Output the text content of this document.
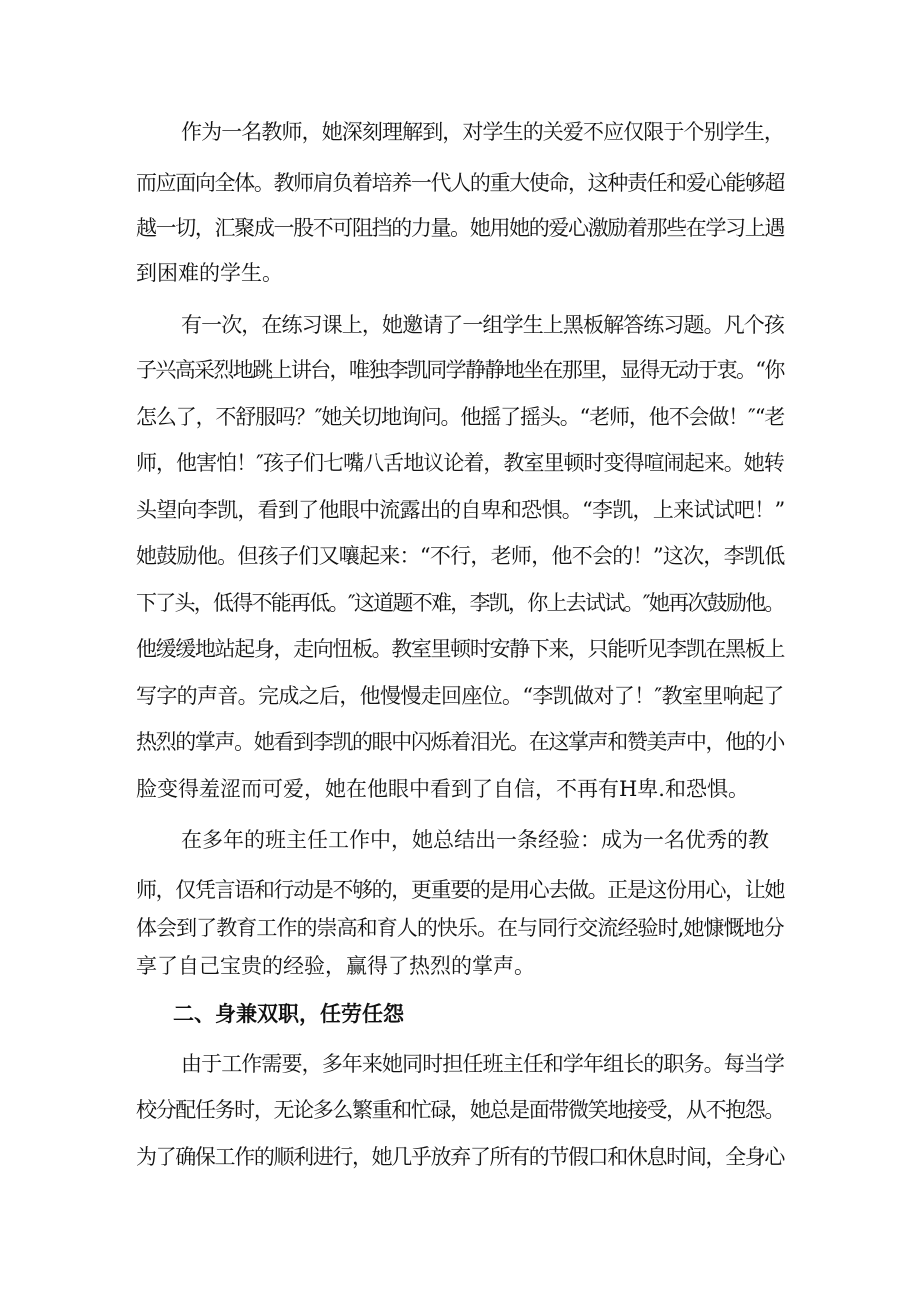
作为一名教师，她深刻理解到，对学生的关爱不应仅限于个别学生，

而应面向全体。教师肩负着培养一代人的重大使命，这种责任和爱心能够超

越一切，汇聚成一股不可阻挡的力量。她用她的爱心激励着那些在学习上遇

到困难的学生。

有一次，在练习课上，她邀请了一组学生上黑板解答练习题。凡个孩

子兴高采烈地跳上讲台，唯独李凯同学静静地坐在那里，显得无动于衷。“你

怎么了，不舒服吗？″她关切地询问。他摇了摇头。“老师，他不会做！″“老

师，他害怕！″孩子们七嘴八舌地议论着，教室里顿时变得喧闹起来。她转

头望向李凯，看到了他眼中流露出的自卑和恐惧。“李凯，上来试试吧！”

她鼓励他。但孩子们又嚷起来：“不行，老师，他不会的！”这次，李凯低

下了头，低得不能再低。″这道题不难，李凯，你上去试试。″她再次鼓励他。

他缓缓地站起身，走向忸板。教室里顿时安静下来，只能听见李凯在黑板上

写字的声音。完成之后，他慢慢走回座位。“李凯做对了！″教室里响起了

热烈的掌声。她看到李凯的眼中闪烁着泪光。在这掌声和赞美声中，他的小

脸变得羞涩而可爱，她在他眼中看到了自信，不再有H卑.和恐惧。

在多年的班主任工作中，她总结出一条经验：成为一名优秀的教

师，仅凭言语和行动是不够的，更重要的是用心去做。正是这份用心，让她

体会到了教育工作的崇高和育人的快乐。在与同行交流经验时,她慷慨地分

享了自己宝贵的经验，赢得了热烈的掌声。

二、身兼双职，任劳任怨

由于工作需要，多年来她同时担任班主任和学年组长的职务。每当学

校分配任务时，无论多么繁重和忙碌，她总是面带微笑地接受，从不抱怨。

为了确保工作的顺利进行，她几乎放弃了所有的节假口和休息时间，全身心
